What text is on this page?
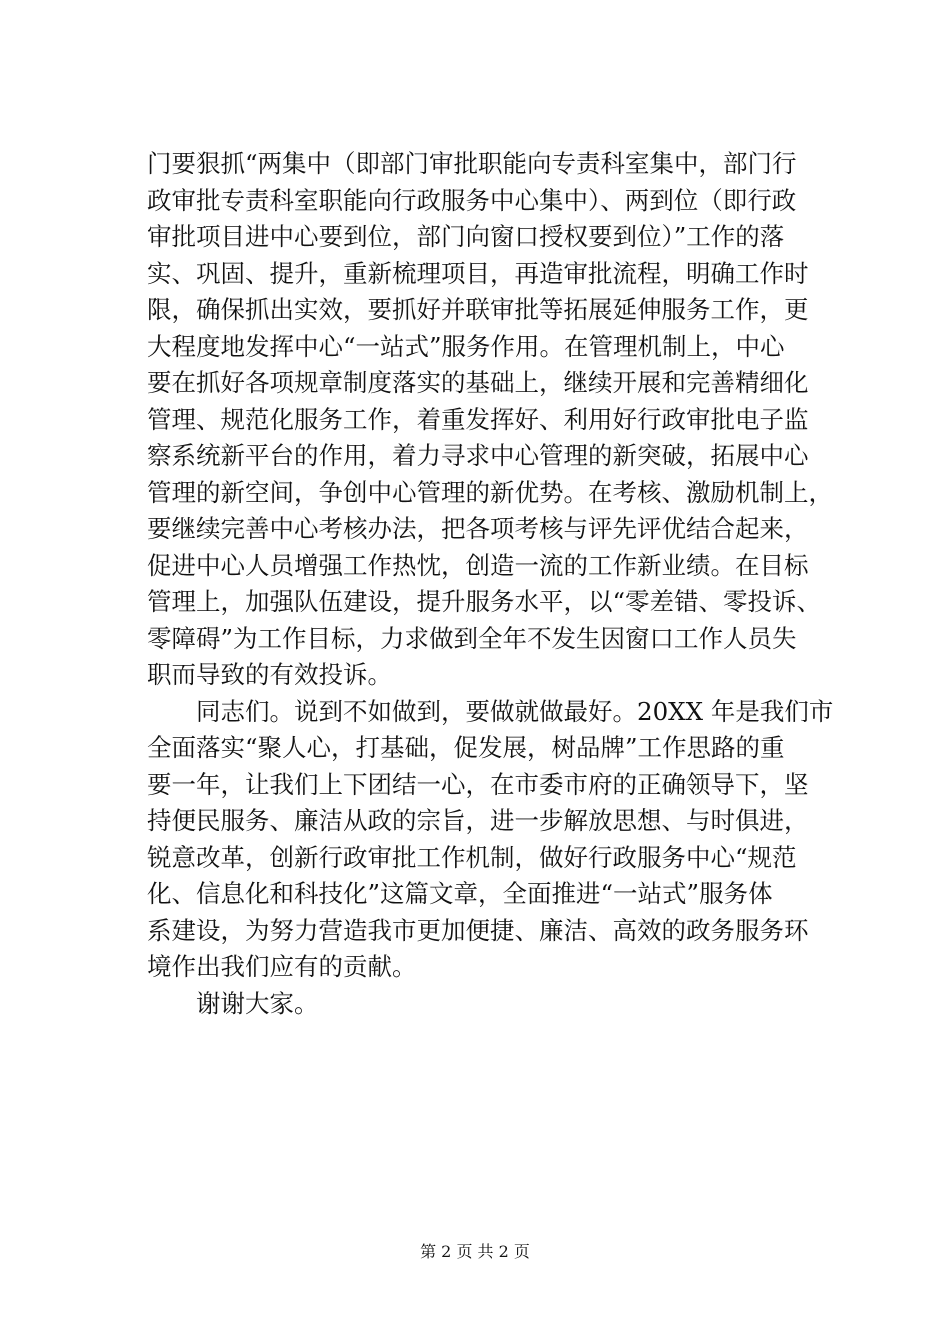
门要狠抓“两集中（即部门审批职能向专责科室集中，部门行
政审批专责科室职能向行政服务中心集中）、两到位（即行政
审批项目进中心要到位，部门向窗口授权要到位）”工作的落
实、巩固、提升，重新梳理项目，再造审批流程，明确工作时
限，确保抓出实效，要抓好并联审批等拓展延伸服务工作，更
大程度地发挥中心“一站式”服务作用。在管理机制上，中心
要在抓好各项规章制度落实的基础上，继续开展和完善精细化
管理、规范化服务工作，着重发挥好、利用好行政审批电子监
察系统新平台的作用，着力寻求中心管理的新突破，拓展中心
管理的新空间，争创中心管理的新优势。在考核、激励机制上，
要继续完善中心考核办法，把各项考核与评先评优结合起来，
促进中心人员增强工作热忱，创造一流的工作新业绩。在目标
管理上，加强队伍建设，提升服务水平，以“零差错、零投诉、
零障碍”为工作目标，力求做到全年不发生因窗口工作人员失
职而导致的有效投诉。
　　同志们。说到不如做到，要做就做最好。20XX 年是我们市
全面落实“聚人心，打基础，促发展，树品牌”工作思路的重
要一年，让我们上下团结一心，在市委市府的正确领导下，坚
持便民服务、廉洁从政的宗旨，进一步解放思想、与时俱进，
锐意改革，创新行政审批工作机制，做好行政服务中心“规范
化、信息化和科技化”这篇文章，全面推进“一站式”服务体
系建设，为努力营造我市更加便捷、廉洁、高效的政务服务环
境作出我们应有的贡献。
　　谢谢大家。
第 2 页 共 2 页
